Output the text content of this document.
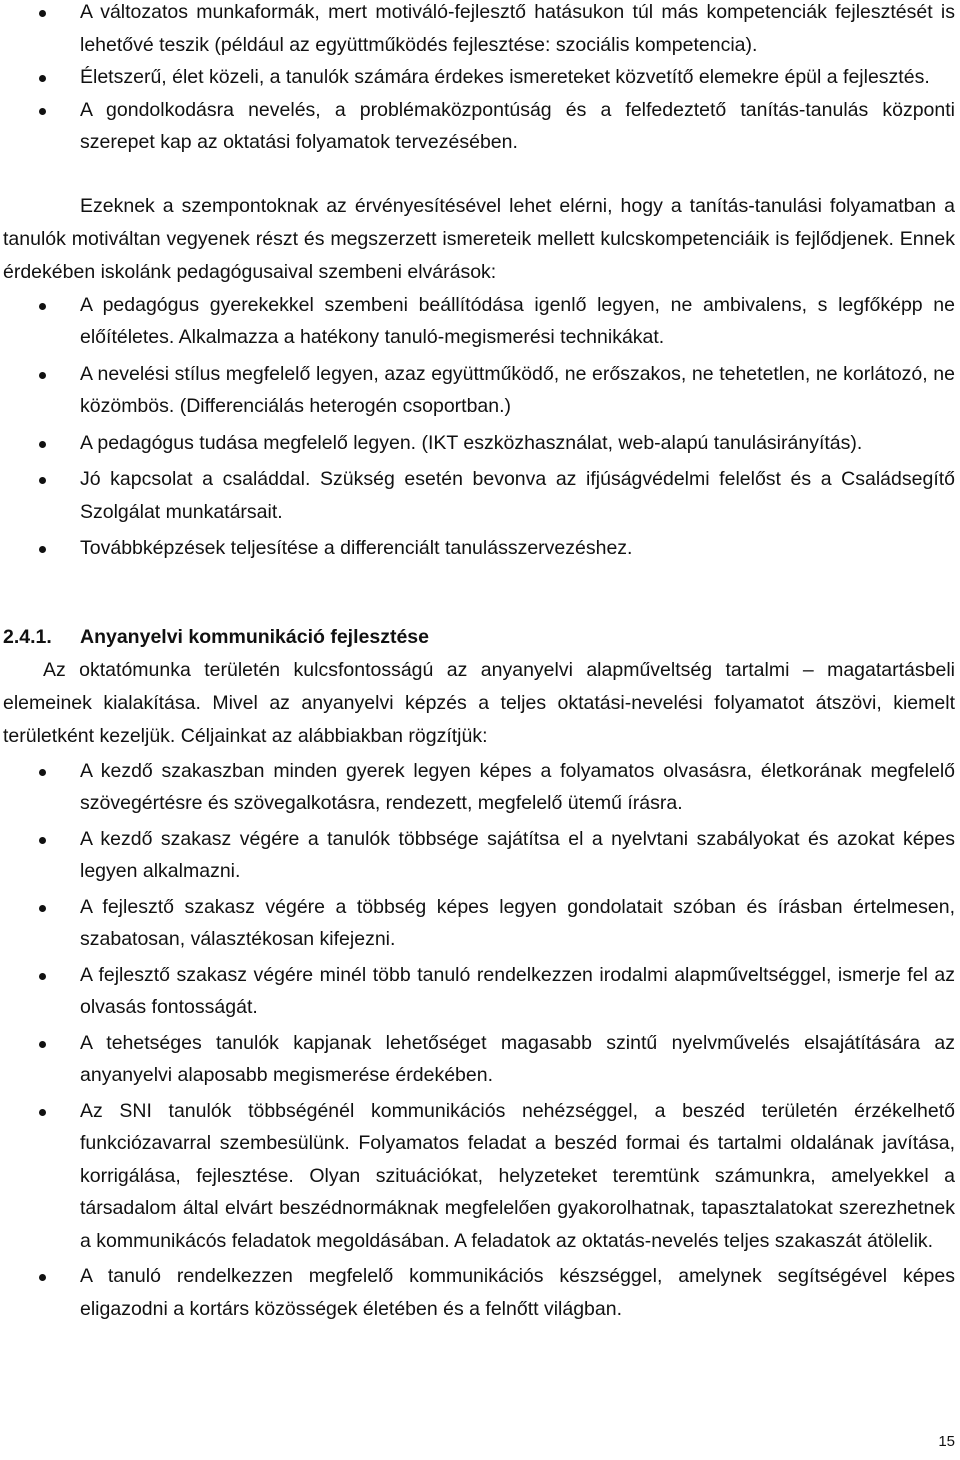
A változatos munkaformák, mert motiváló-fejlesztő hatásukon túl más kompetenciák fejlesztését is lehetővé teszik (például az együttműködés fejlesztése: szociális kompetencia).
Életszerű, élet közeli, a tanulók számára érdekes ismereteket közvetítő elemekre épül a fejlesztés.
A gondolkodásra nevelés, a problémaközpontúság és a felfedeztető tanítás-tanulás központi szerepet kap az oktatási folyamatok tervezésében.

Ezeknek a szempontoknak az érvényesítésével lehet elérni, hogy a tanítás-tanulási folyamatban a tanulók motiváltan vegyenek részt és megszerzett ismereteik mellett kulcskompetenciáik is fejlődjenek. Ennek érdekében iskolánk pedagógusaival szembeni elvárások:

A pedagógus gyerekekkel szembeni beállítódása igenlő legyen, ne ambivalens, s legfőképp ne előítéletes. Alkalmazza a hatékony tanuló-megismerési technikákat.
A nevelési stílus megfelelő legyen, azaz együttműködő, ne erőszakos, ne tehetetlen, ne korlátozó, ne közömbös. (Differenciálás heterogén csoportban.)
A pedagógus tudása megfelelő legyen. (IKT eszközhasználat, web-alapú tanulásirányítás).
Jó kapcsolat a családdal. Szükség esetén bevonva az ifjúságvédelmi felelőst és a Családsegítő Szolgálat munkatársait.
Továbbképzések teljesítése a differenciált tanulásszervezéshez.
2.4.1. Anyanyelvi kommunikáció fejlesztése

Az oktatómunka területén kulcsfontosságú az anyanyelvi alapműveltség tartalmi – magatartásbeli elemeinek kialakítása. Mivel az anyanyelvi képzés a teljes oktatási-nevelési folyamatot átszövi, kiemelt területként kezeljük. Céljainkat az alábbiakban rögzítjük:

A kezdő szakaszban minden gyerek legyen képes a folyamatos olvasásra, életkorának megfelelő szövegértésre és szövegalkotásra, rendezett, megfelelő ütemű írásra.
A kezdő szakasz végére a tanulók többsége sajátítsa el a nyelvtani szabályokat és azokat képes legyen alkalmazni.
A fejlesztő szakasz végére a többség képes legyen gondolatait szóban és írásban értelmesen, szabatosan, választékosan kifejezni.
A fejlesztő szakasz végére minél több tanuló rendelkezzen irodalmi alapműveltséggel, ismerje fel az olvasás fontosságát.
A tehetséges tanulók kapjanak lehetőséget magasabb szintű nyelvművelés elsajátítására az anyanyelvi alaposabb megismerése érdekében.
Az SNI tanulók többségénél kommunikációs nehézséggel, a beszéd területén érzékelhető funkciózavarral szembesülünk. Folyamatos feladat a beszéd formai és tartalmi oldalának javítása, korrigálása, fejlesztése. Olyan szituációkat, helyzeteket teremtünk számunkra, amelyekkel a társadalom által elvárt beszédnormáknak megfelelően gyakorolhatnak, tapasztalatokat szerezhetnek a kommunikácós feladatok megoldásában. A feladatok az oktatás-nevelés teljes szakaszát átölelik.
A tanuló rendelkezzen megfelelő kommunikációs készséggel, amelynek segítségével képes eligazodni a kortárs közösségek életében és a felnőtt világban.
15
